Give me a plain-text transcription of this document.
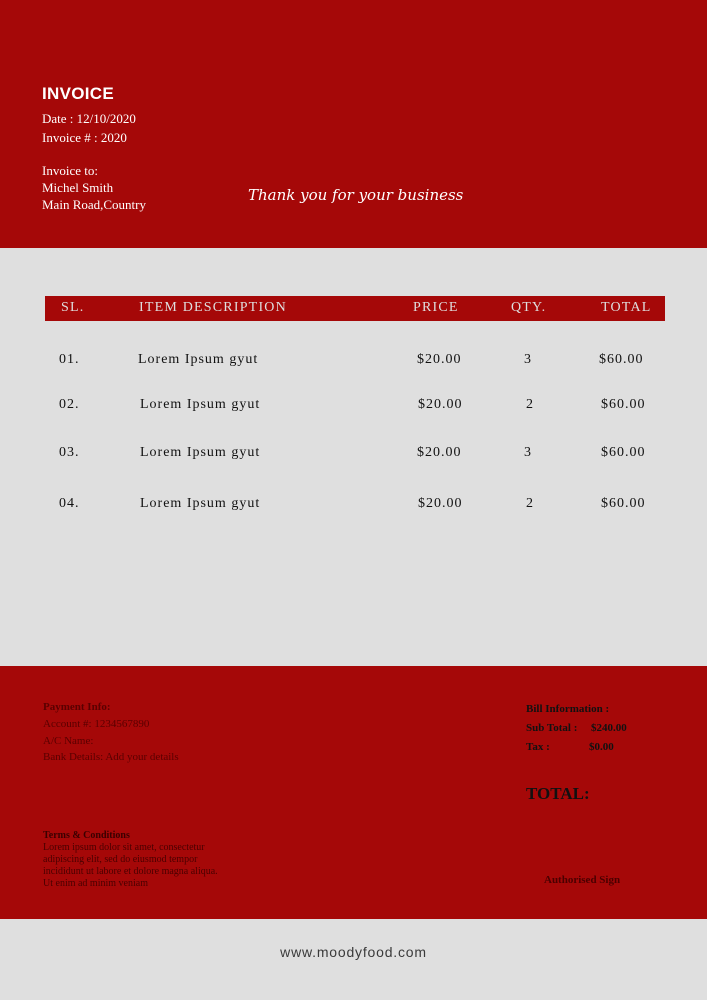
INVOICE
Date : 12/10/2020
Invoice # : 2020
Invoice to:
Michel Smith
Main Road,Country
Thank you for your business
SL.	ITEM DESCRIPTION	PRICE	QTY.	TOTAL
01.	Lorem Ipsum gyut	$20.00	3	$60.00
02.	Lorem Ipsum gyut	$20.00	2	$60.00
03.	Lorem Ipsum gyut	$20.00	3	$60.00
04.	Lorem Ipsum gyut	$20.00	2	$60.00
Payment Info:
Account #: 1234567890
A/C Name:
Bank Details: Add your details
Terms & Conditions
Lorem ipsum dolor sit amet, consectetur
adipiscing elit, sed do eiusmod tempor
incididunt ut labore et dolore magna aliqua.
Ut enim ad minim veniam
Bill Information :
Sub Total : $240.00
Tax :	$0.00
TOTAL:
Authorised Sign
www.moodyfood.com
